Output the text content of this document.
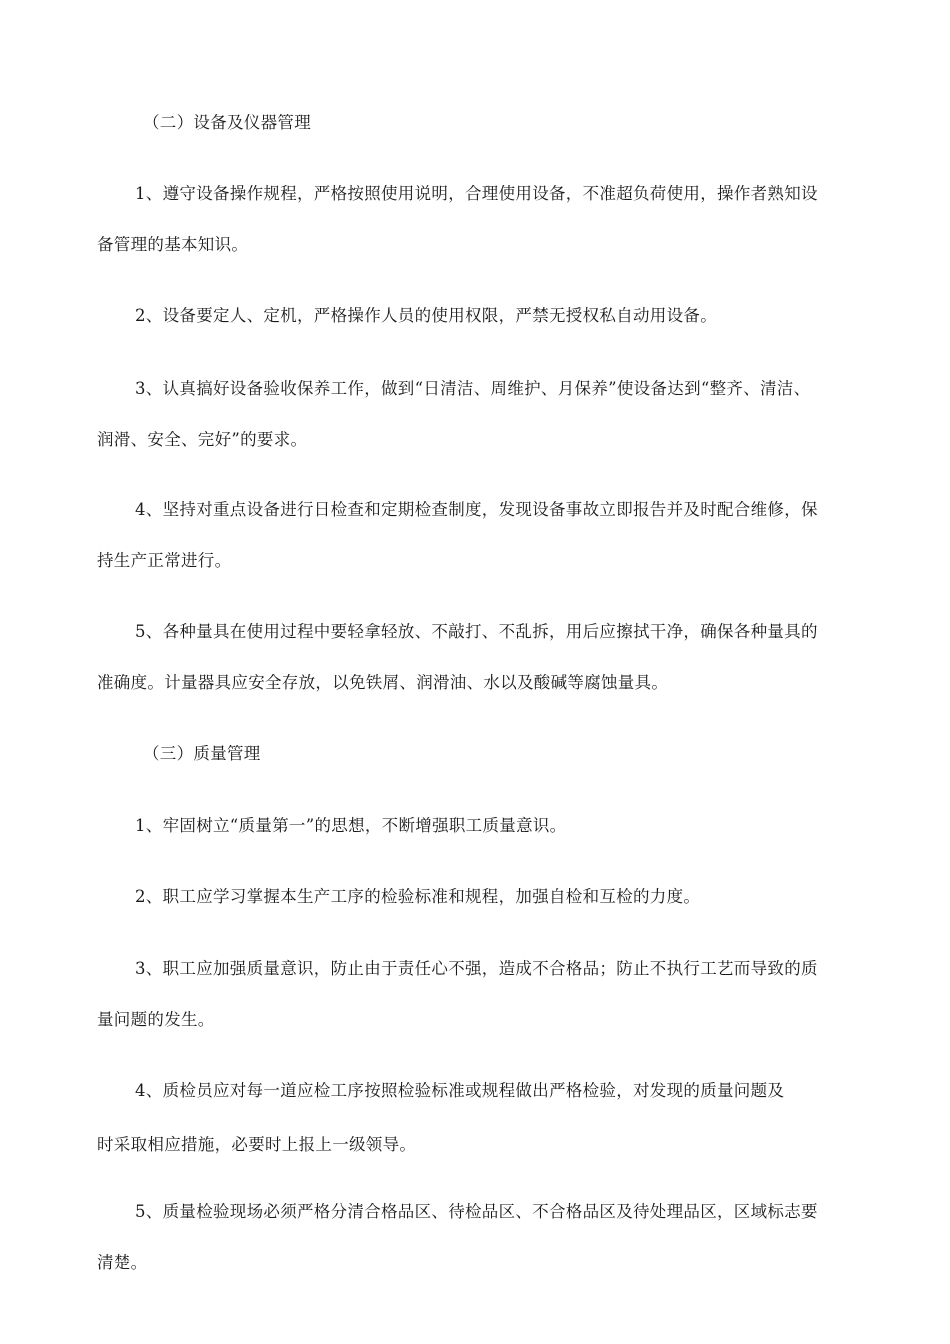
（二）设备及仪器管理
1、遵守设备操作规程，严格按照使用说明，合理使用设备，不准超负荷使用，操作者熟知设
备管理的基本知识。
2、设备要定人、定机，严格操作人员的使用权限，严禁无授权私自动用设备。
3、认真搞好设备验收保养工作，做到“日清洁、周维护、月保养”使设备达到“整齐、清洁、
润滑、安全、完好”的要求。
4、坚持对重点设备进行日检查和定期检查制度，发现设备事故立即报告并及时配合维修，保
持生产正常进行。
5、各种量具在使用过程中要轻拿轻放、不敲打、不乱拆，用后应擦拭干净，确保各种量具的
准确度。计量器具应安全存放，以免铁屑、润滑油、水以及酸碱等腐蚀量具。
（三）质量管理
1、牢固树立“质量第一”的思想，不断增强职工质量意识。
2、职工应学习掌握本生产工序的检验标准和规程，加强自检和互检的力度。
3、职工应加强质量意识，防止由于责任心不强，造成不合格品；防止不执行工艺而导致的质
量问题的发生。
4、质检员应对每一道应检工序按照检验标准或规程做出严格检验，对发现的质量问题及
时采取相应措施，必要时上报上一级领导。
5、质量检验现场必须严格分清合格品区、待检品区、不合格品区及待处理品区，区域标志要
清楚。
